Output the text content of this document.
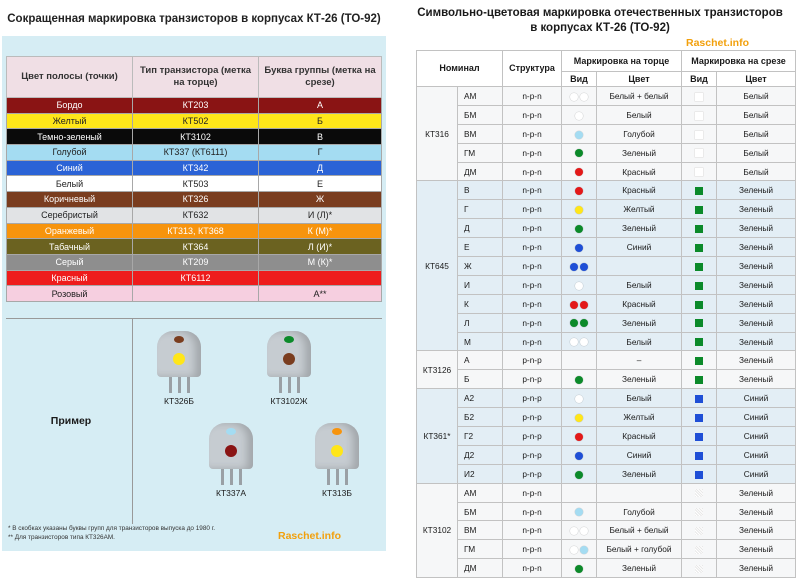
Сокращенная маркировка транзисторов в корпусах КТ-26 (ТО-92)
Цвет полосы (точки)	Тип транзистора (метка на торце)	Буква группы (метка на срезе)
Бордо	КТ203	А
Желтый	КТ502	Б
Темно-зеленый	КТ3102	В
Голубой	КТ337 (КТ6111)	Г
Синий	КТ342	Д
Белый	КТ503	Е
Коричневый	КТ326	Ж
Серебристый	КТ632	И (Л)*
Оранжевый	КТ313, КТ368	К (М)*
Табачный	КТ364	Л (И)*
Серый	КТ209	М (К)*
Красный	КТ6112	
Розовый		А**
Пример
КТ326Б	КТ3102Ж
КТ337А	КТ313Б
* В скобках указаны буквы групп для транзисторов выпуска до 1980 г.
** Для транзисторов типа КТ326АМ.	Raschet.info
Символьно-цветовая маркировка отечественных транзисторов
в корпусах КТ-26 (ТО-92)
Raschet.info
Номинал		Структура	Маркировка на торце		Маркировка на срезе	
			Вид	Цвет	Вид	Цвет
КТ316	АМ	n-p-n		Белый + белый		Белый
	БМ	n-p-n		Белый		Белый
	ВМ	n-p-n		Голубой		Белый
	ГМ	n-p-n		Зеленый		Белый
	ДМ	n-p-n		Красный		Белый
КТ645	В	n-p-n		Красный		Зеленый
	Г	n-p-n		Желтый		Зеленый
	Д	n-p-n		Зеленый		Зеленый
	Е	n-p-n		Синий		Зеленый
	Ж	n-p-n				Зеленый
	И	n-p-n		Белый		Зеленый
	К	n-p-n		Красный		Зеленый
	Л	n-p-n		Зеленый		Зеленый
	М	n-p-n		Белый		Зеленый
КТ3126	А	p-n-p		–		Зеленый
	Б	p-n-p		Зеленый		Зеленый
КТ361*	А2	p-n-p		Белый		Синий
	Б2	p-n-p		Желтый		Синий
	Г2	p-n-p		Красный		Синий
	Д2	p-n-p		Синий		Синий
	И2	p-n-p		Зеленый		Синий
КТ3102	АМ	n-p-n				Зеленый
	БМ	n-p-n		Голубой		Зеленый
	ВМ	n-p-n		Белый + белый		Зеленый
	ГМ	n-p-n		Белый + голубой		Зеленый
	ДМ	n-p-n		Зеленый		Зеленый
